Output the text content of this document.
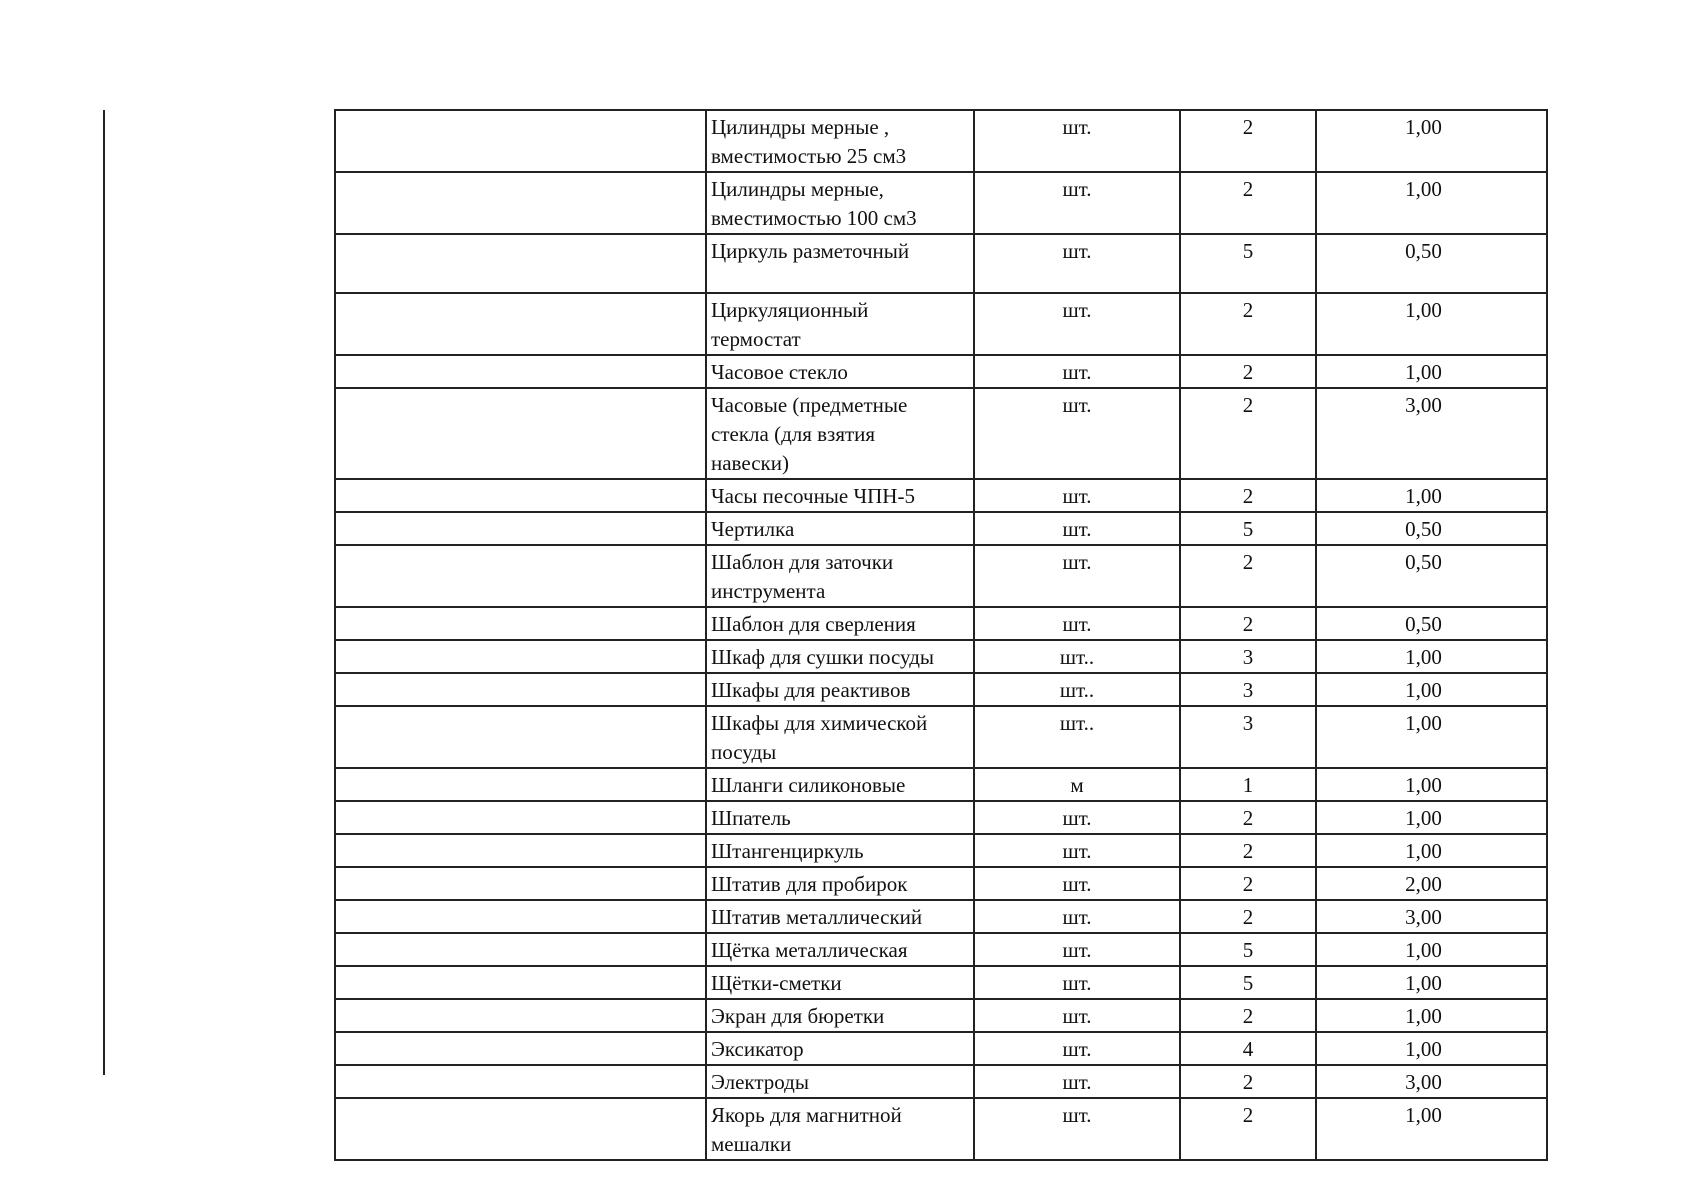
	Цилиндры мерные ,
вместимостью 25 см3	шт.	2	1,00
	Цилиндры мерные,
вместимостью 100 см3	шт.	2	1,00
	Циркуль разметочный	шт.	5	0,50
	Циркуляционный
термостат	шт.	2	1,00
	Часовое стекло	шт.	2	1,00
	Часовые (предметные
стекла (для взятия
навески)	шт.	2	3,00
	Часы песочные ЧПН-5	шт.	2	1,00
	Чертилка	шт.	5	0,50
	Шаблон для заточки
инструмента	шт.	2	0,50
	Шаблон для сверления	шт.	2	0,50
	Шкаф для сушки посуды	шт..	3	1,00
	Шкафы для реактивов	шт..	3	1,00
	Шкафы для химической
посуды	шт..	3	1,00
	Шланги силиконовые	м	1	1,00
	Шпатель	шт.	2	1,00
	Штангенциркуль	шт.	2	1,00
	Штатив для пробирок	шт.	2	2,00
	Штатив металлический	шт.	2	3,00
	Щётка металлическая	шт.	5	1,00
	Щётки-сметки	шт.	5	1,00
	Экран для бюретки	шт.	2	1,00
	Эксикатор	шт.	4	1,00
	Электроды	шт.	2	3,00
	Якорь для магнитной
мешалки	шт.	2	1,00
